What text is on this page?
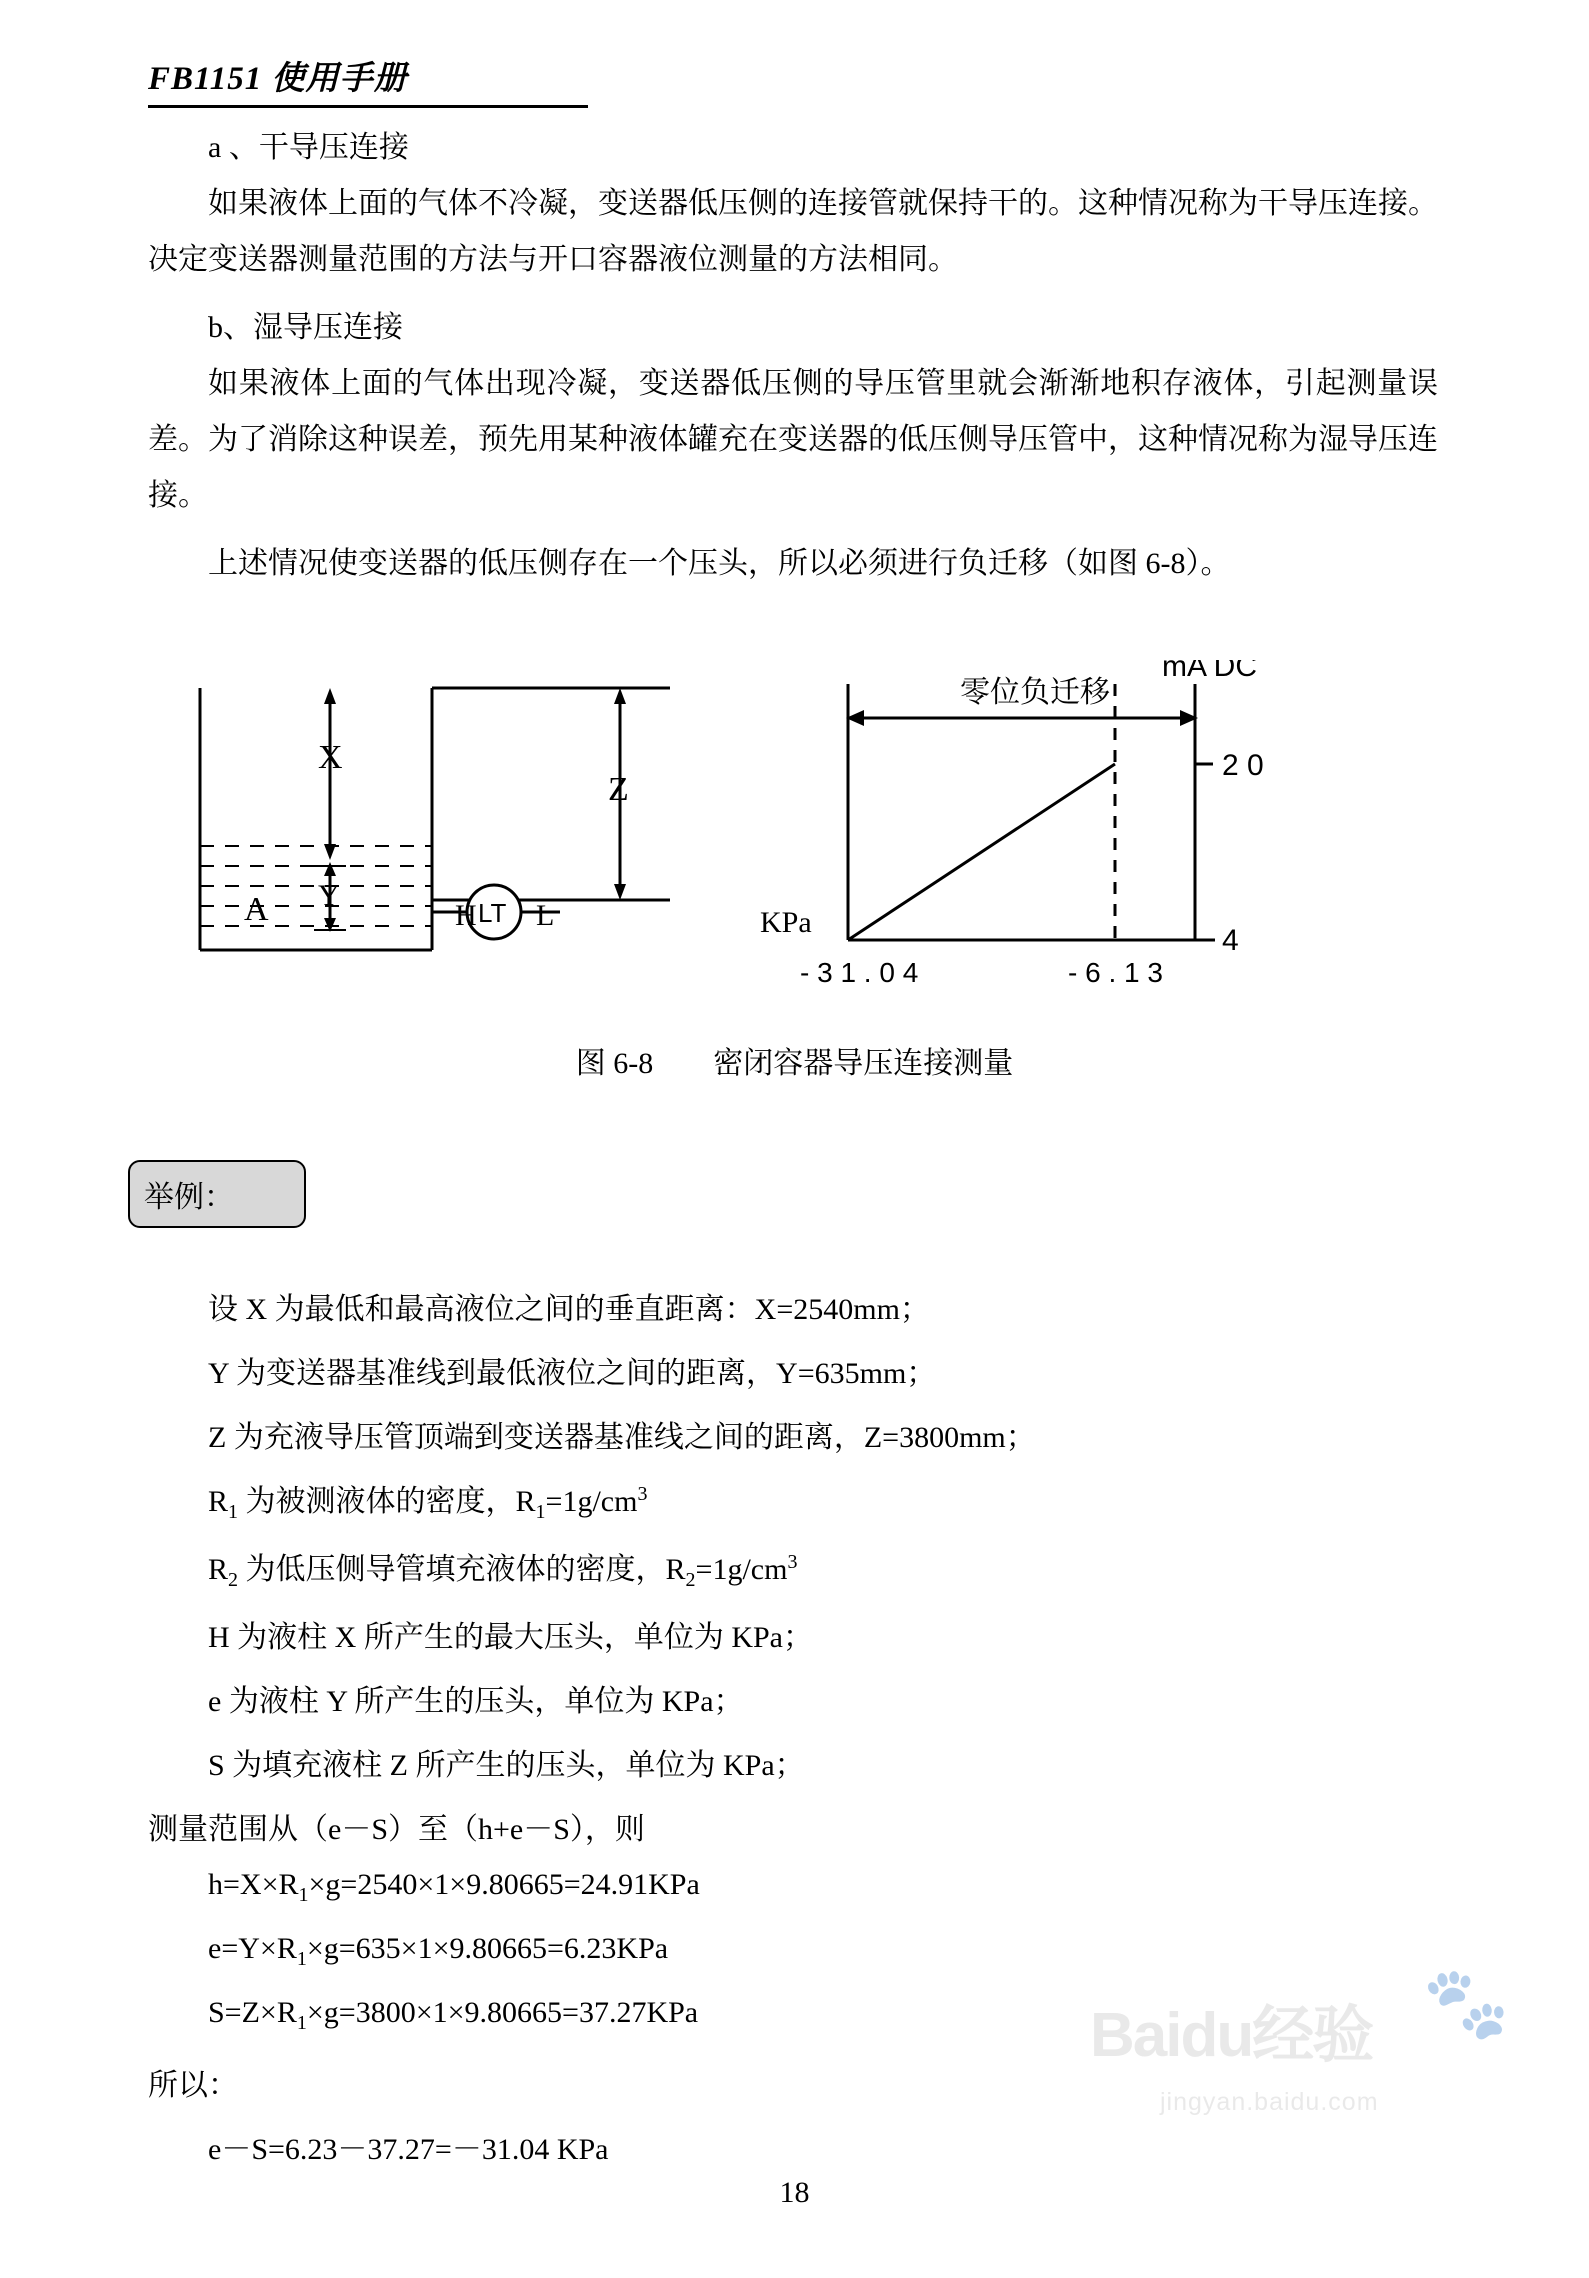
FB1151 使用手册
a 、干导压连接
如果液体上面的气体不冷凝，变送器低压侧的连接管就保持干的。这种情况称为干导压连接。决定变送器测量范围的方法与开口容器液位测量的方法相同。
b、湿导压连接
如果液体上面的气体出现冷凝，变送器低压侧的导压管里就会渐渐地积存液体，引起测量误差。为了消除这种误差，预先用某种液体罐充在变送器的低压侧导压管中，这种情况称为湿导压连接。
上述情况使变送器的低压侧存在一个压头，所以必须进行负迁移（如图 6-8）。
A
X
Y
Z
H L
LT
mA DC
零位负迁移
2 0
4
KPa
- 3 1 . 0 4	- 6 . 1 3
图 6-8 密闭容器导压连接测量
举例：
设 X 为最低和最高液位之间的垂直距离：X=2540mm；
Y 为变送器基准线到最低液位之间的距离，Y=635mm；
Z 为充液导压管顶端到变送器基准线之间的距离，Z=3800mm；
$R_1$ 为被测液体的密度，$R_1=1g/cm^3$
$R_2$ 为低压侧导管填充液体的密度，$R_2=1g/cm^3$
H 为液柱 X 所产生的最大压头，单位为 KPa；
e 为液柱 Y 所产生的压头，单位为 KPa；
S 为填充液柱 Z 所产生的压头，单位为 KPa；
测量范围从（e－S）至（h+e－S），则
$h=X\times R_1\times g=2540\times 1\times 9.80665=24.91KPa$
$e=Y\times R_1\times g=635\times 1\times 9.80665=6.23KPa$
$S=Z\times R_1\times g=3800\times 1\times 9.80665=37.27KPa$
所以：
e－S=6.23－37.27=－31.04 KPa
🐾
Baidu经验
jingyan.baidu.com
18
